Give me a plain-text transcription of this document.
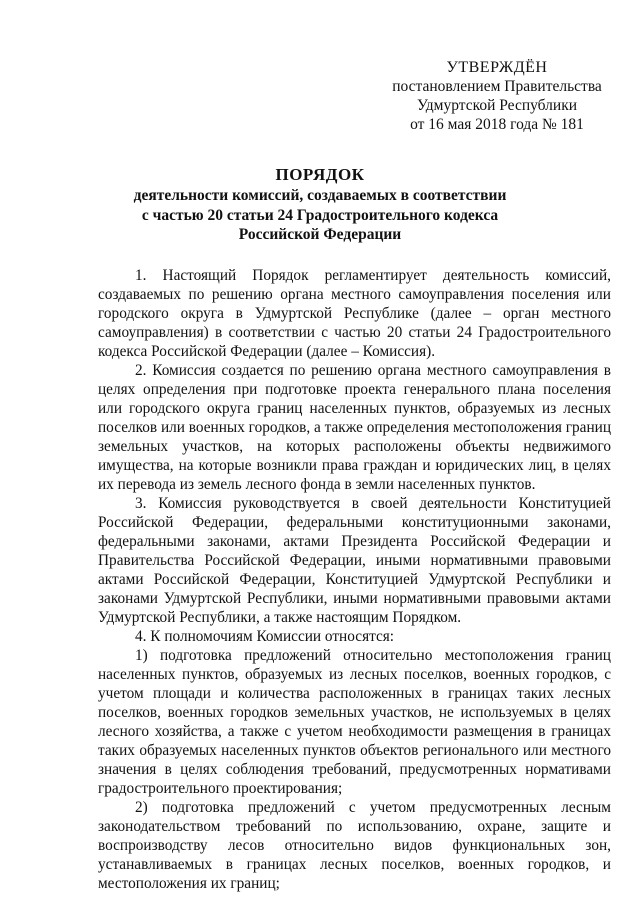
УТВЕРЖДЁН
постановлением Правительства
Удмуртской Республики
от 16 мая 2018 года № 181
ПОРЯДОК
деятельности комиссий, создаваемых в соответствии
с частью 20 статьи 24 Градостроительного кодекса
Российской Федерации

1. Настоящий Порядок регламентирует деятельность комиссий, создаваемых по решению органа местного самоуправления поселения или городского округа в Удмуртской Республике (далее – орган местного самоуправления) в соответствии с частью 20 статьи 24 Градостроительного кодекса Российской Федерации (далее – Комиссия).

2. Комиссия создается по решению органа местного самоуправления в целях определения при подготовке проекта генерального плана поселения или городского округа границ населенных пунктов, образуемых из лесных поселков или военных городков, а также определения местоположения границ земельных участков, на которых расположены объекты недвижимого имущества, на которые возникли права граждан и юридических лиц, в целях их перевода из земель лесного фонда в земли населенных пунктов.

3. Комиссия руководствуется в своей деятельности Конституцией Российской Федерации, федеральными конституционными законами, федеральными законами, актами Президента Российской Федерации и Правительства Российской Федерации, иными нормативными правовыми актами Российской Федерации, Конституцией Удмуртской Республики и законами Удмуртской Республики, иными нормативными правовыми актами Удмуртской Республики, а также настоящим Порядком.

4. К полномочиям Комиссии относятся:

1) подготовка предложений относительно местоположения границ населенных пунктов, образуемых из лесных поселков, военных городков, с учетом площади и количества расположенных в границах таких лесных поселков, военных городков земельных участков, не используемых в целях лесного хозяйства, а также с учетом необходимости размещения в границах таких образуемых населенных пунктов объектов регионального или местного значения в целях соблюдения требований, предусмотренных нормативами градостроительного проектирования;

2) подготовка предложений с учетом предусмотренных лесным законодательством требований по использованию, охране, защите и воспроизводству лесов относительно видов функциональных зон, устанавливаемых в границах лесных поселков, военных городков, и местоположения их границ;
